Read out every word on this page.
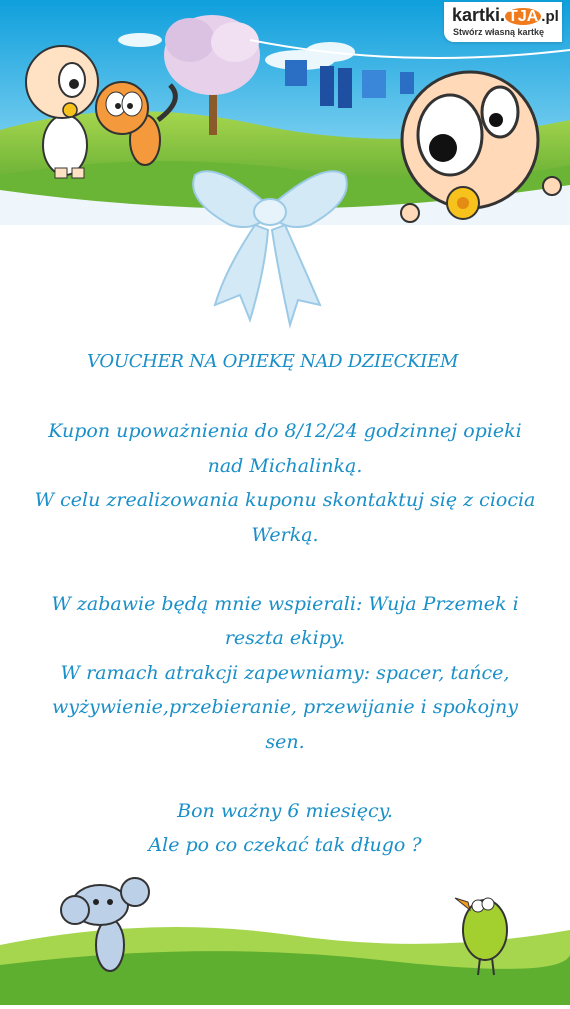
kartki. TJA .pl
Stwórz własną kartkę
VOUCHER NA OPIEKĘ NAD DZIECKIEM
Kupon upoważnienia do 8/12/24 godzinnej opieki
nad Michalinką.
W celu zrealizowania kuponu skontaktuj się z ciocia
Werką.
W zabawie będą mnie wspierali: Wuja Przemek i
reszta ekipy.
W ramach atrakcji zapewniamy: spacer, tańce,
wyżywienie,przebieranie, przewijanie i spokojny
sen.
Bon ważny 6 miesięcy.
Ale po co czekać tak długo ?
